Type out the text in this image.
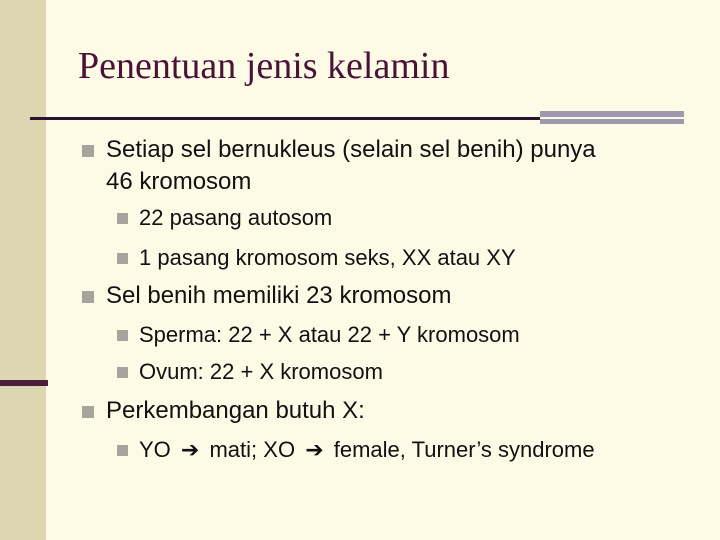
Penentuan jenis kelamin
Setiap sel bernukleus (selain sel benih) punya
46 kromosom
22 pasang autosom
1 pasang kromosom seks, XX atau XY
Sel benih memiliki 23 kromosom
Sperma: 22 + X atau 22 + Y kromosom
Ovum: 22 + X kromosom
Perkembangan butuh X:
YO ➔ mati; XO ➔ female, Turner’s syndrome
